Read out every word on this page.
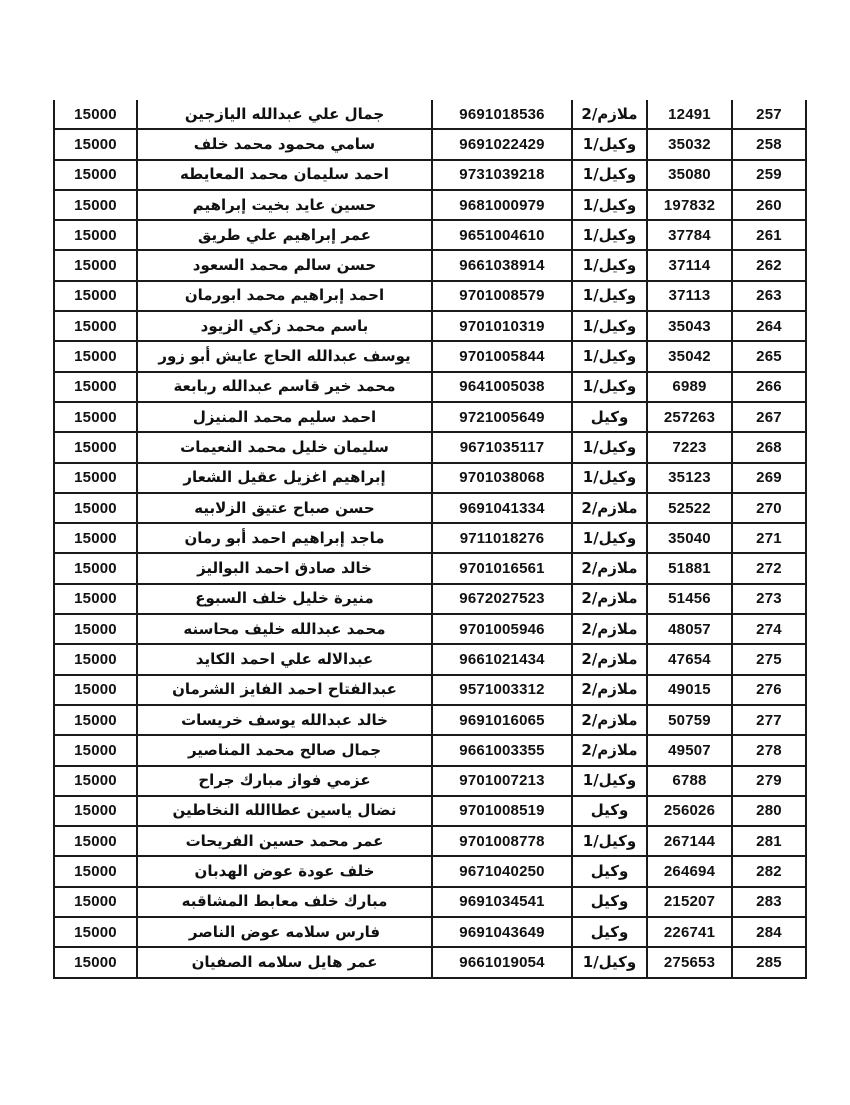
15000	جمال علي عبدالله اليازجين	9691018536	ملازم/2	12491	257
15000	سامي محمود محمد خلف	9691022429	وكيل/1	35032	258
15000	احمد سليمان محمد المعايطه	9731039218	وكيل/1	35080	259
15000	حسين عايد بخيت إبراهيم	9681000979	وكيل/1	197832	260
15000	عمر إبراهيم علي طريق	9651004610	وكيل/1	37784	261
15000	حسن سالم محمد السعود	9661038914	وكيل/1	37114	262
15000	احمد إبراهيم محمد ابورمان	9701008579	وكيل/1	37113	263
15000	باسم محمد زكي الزيود	9701010319	وكيل/1	35043	264
15000	يوسف عبدالله الحاج عايش أبو زور	9701005844	وكيل/1	35042	265
15000	محمد خير قاسم عبدالله ربابعة	9641005038	وكيل/1	6989	266
15000	احمد سليم محمد المنيزل	9721005649	وكيل	257263	267
15000	سليمان خليل محمد النعيمات	9671035117	وكيل/1	7223	268
15000	إبراهيم اغزيل عقيل الشعار	9701038068	وكيل/1	35123	269
15000	حسن صباح عتيق الزلابيه	9691041334	ملازم/2	52522	270
15000	ماجد إبراهيم احمد أبو رمان	9711018276	وكيل/1	35040	271
15000	خالد صادق احمد البواليز	9701016561	ملازم/2	51881	272
15000	منيرة خليل خلف السبوع	9672027523	ملازم/2	51456	273
15000	محمد عبدالله خليف محاسنه	9701005946	ملازم/2	48057	274
15000	عبدالاله علي احمد الكايد	9661021434	ملازم/2	47654	275
15000	عبدالفتاح احمد الفايز الشرمان	9571003312	ملازم/2	49015	276
15000	خالد عبدالله يوسف خريسات	9691016065	ملازم/2	50759	277
15000	جمال صالح محمد المناصير	9661003355	ملازم/2	49507	278
15000	عزمي فواز مبارك جراح	9701007213	وكيل/1	6788	279
15000	نضال ياسين عطاالله النخاطين	9701008519	وكيل	256026	280
15000	عمر محمد حسين الفريحات	9701008778	وكيل/1	267144	281
15000	خلف عودة عوض الهدبان	9671040250	وكيل	264694	282
15000	مبارك خلف معابط المشاقبه	9691034541	وكيل	215207	283
15000	فارس سلامه عوض الناصر	9691043649	وكيل	226741	284
15000	عمر هايل سلامه الصفيان	9661019054	وكيل/1	275653	285
